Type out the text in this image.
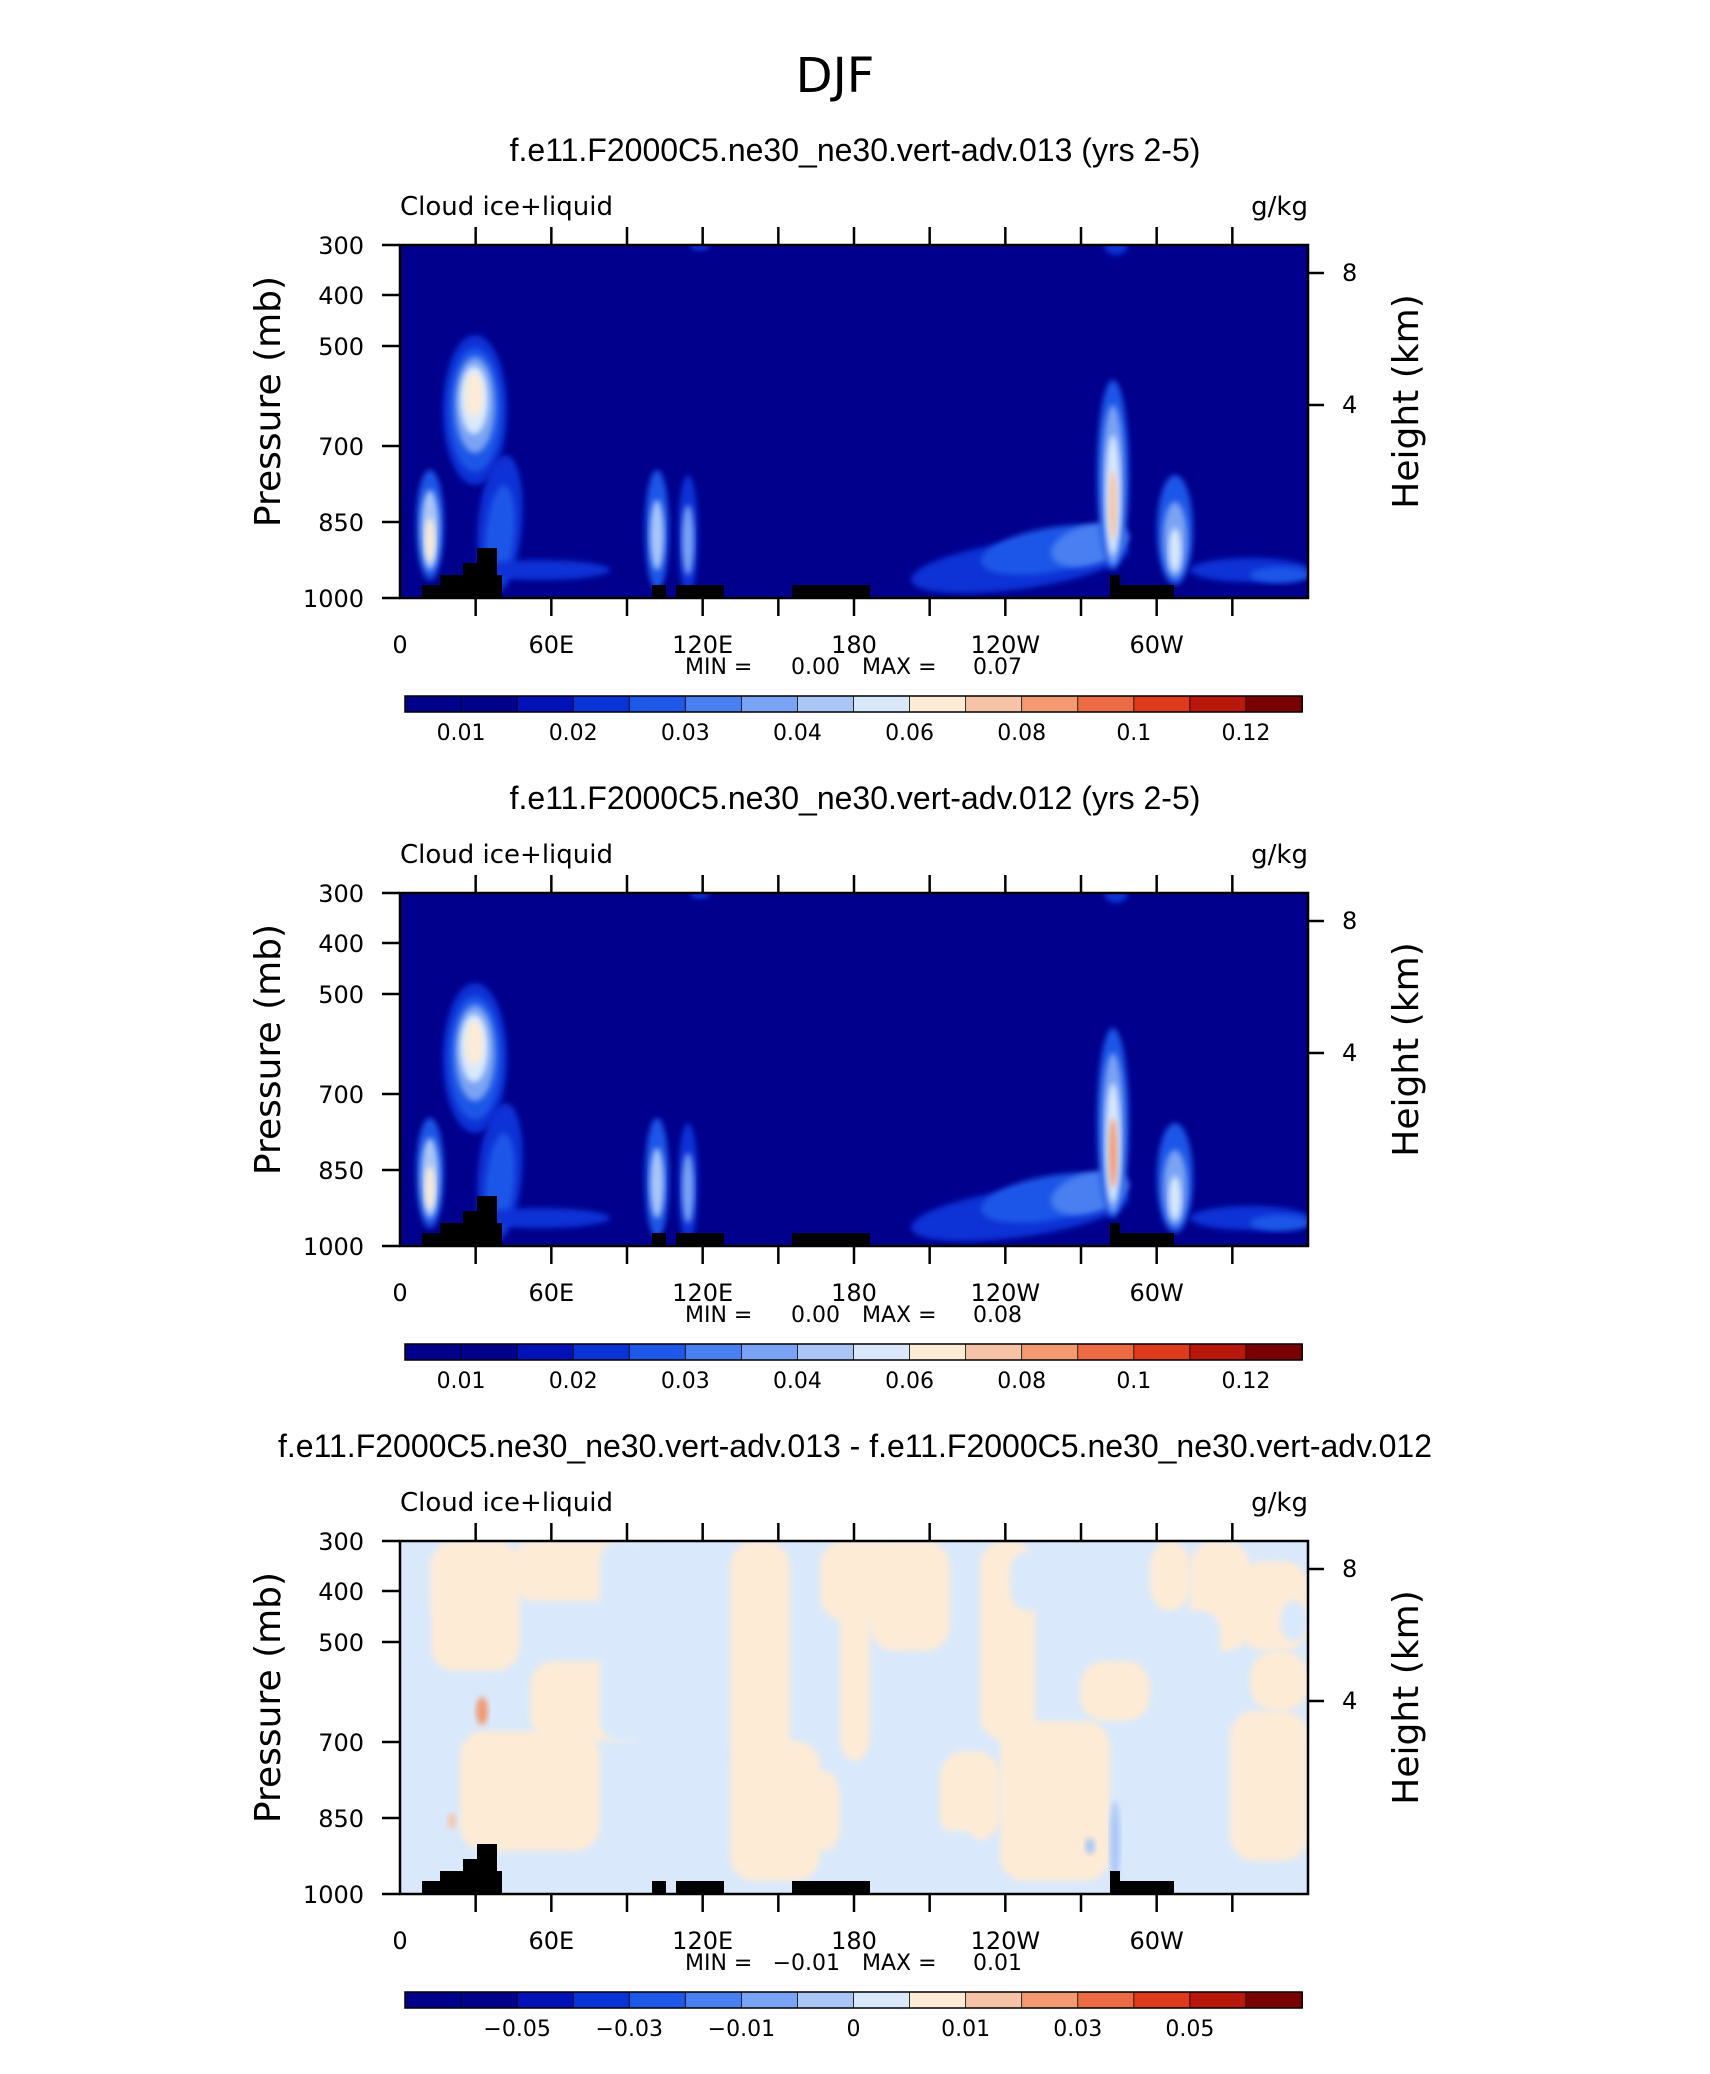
DJF
f.e11.F2000C5.ne30_ne30.vert-adv.013 (yrs 2-5)
Cloud ice+liquid	g/kg
300
400
500
700
850
1000
8
4
0	60E	120E	180	120W	60W
Pressure (mb)	Height (km)
MIN = 0.00 MAX = 0.07
0.01	0.02	0.03	0.04	0.06	0.08	0.1	0.12
f.e11.F2000C5.ne30_ne30.vert-adv.012 (yrs 2-5)
Cloud ice+liquid	g/kg
300
400
500
700
850
1000
8
4
0	60E	120E	180	120W	60W
Pressure (mb)	Height (km)
MIN = 0.00 MAX = 0.08
0.01	0.02	0.03	0.04	0.06	0.08	0.1	0.12
f.e11.F2000C5.ne30_ne30.vert-adv.013 - f.e11.F2000C5.ne30_ne30.vert-adv.012
Cloud ice+liquid	g/kg
300
400
500
700
850
1000
8
4
0	60E	120E	180	120W	60W
Pressure (mb)	Height (km)
MIN = −0.01 MAX = 0.01
−0.05 −0.03 −0.01	0	0.01	0.03	0.05
